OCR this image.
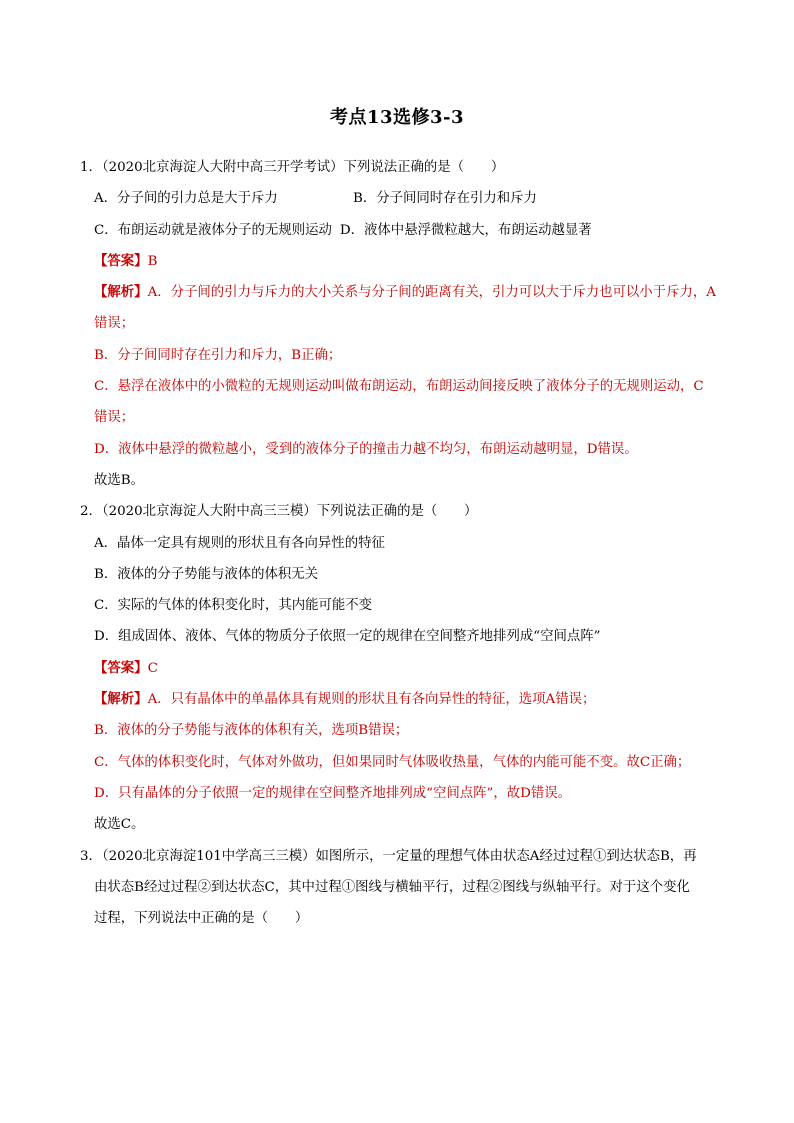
考点13选修3-3
1．（2020北京海淀人大附中高三开学考试）下列说法正确的是（　　）
A．分子间的引力总是大于斥力	B．分子间同时存在引力和斥力
C．布朗运动就是液体分子的无规则运动 D．液体中悬浮微粒越大，布朗运动越显著
【答案】B
【解析】A．分子间的引力与斥力的大小关系与分子间的距离有关，引力可以大于斥力也可以小于斥力，A
错误；
B．分子间同时存在引力和斥力，B正确；
C．悬浮在液体中的小微粒的无规则运动叫做布朗运动，布朗运动间接反映了液体分子的无规则运动，C
错误；
D．液体中悬浮的微粒越小，受到的液体分子的撞击力越不均匀，布朗运动越明显，D错误。
故选B。
2．（2020北京海淀人大附中高三三模）下列说法正确的是（　　）
A．晶体一定具有规则的形状且有各向异性的特征
B．液体的分子势能与液体的体积无关
C．实际的气体的体积变化时，其内能可能不变
D．组成固体、液体、气体的物质分子依照一定的规律在空间整齐地排列成“空间点阵”
【答案】C
【解析】A．只有晶体中的单晶体具有规则的形状且有各向异性的特征，选项A错误；
B．液体的分子势能与液体的体积有关，选项B错误；
C．气体的体积变化时，气体对外做功，但如果同时气体吸收热量，气体的内能可能不变。故C正确；
D．只有晶体的分子依照一定的规律在空间整齐地排列成“空间点阵”，故D错误。
故选C。
3．（2020北京海淀101中学高三三模）如图所示，一定量的理想气体由状态A经过过程①到达状态B，再
由状态B经过过程②到达状态C，其中过程①图线与横轴平行，过程②图线与纵轴平行。对于这个变化
过程，下列说法中正确的是（　　）
